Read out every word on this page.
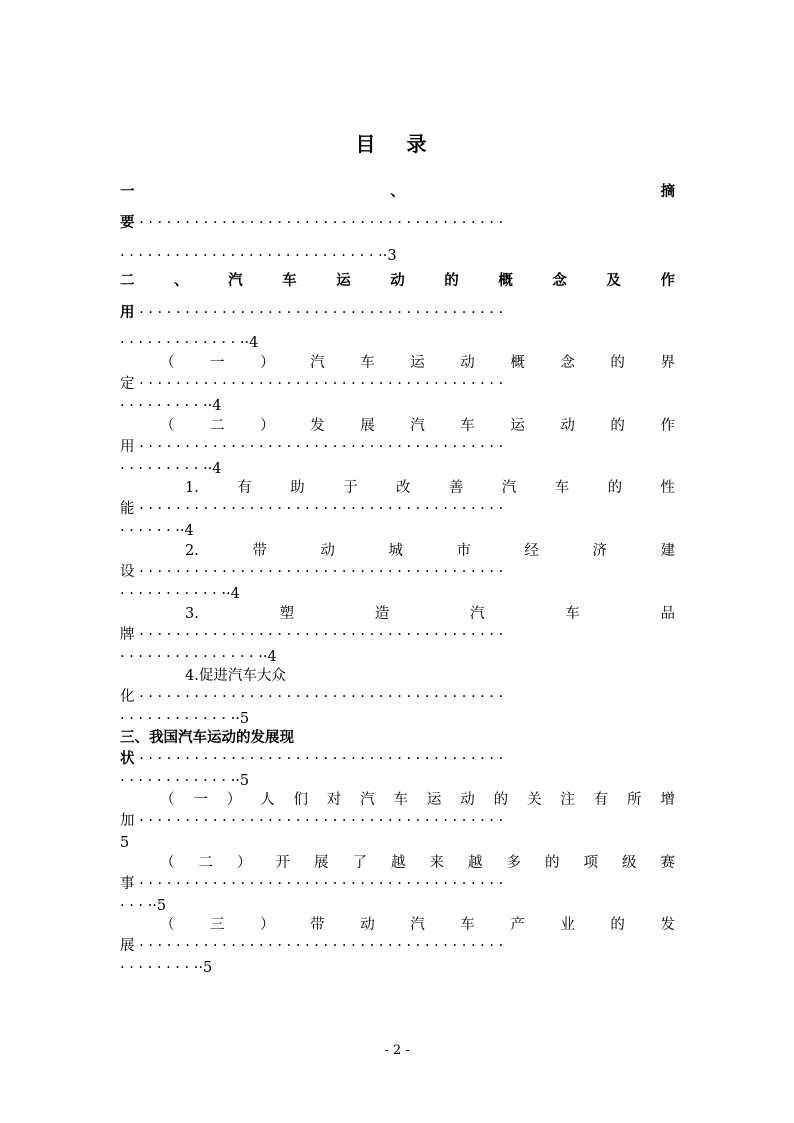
目 录
一	、	摘
要 · · · · · · · · · · · · · · · · · · · · · · · · · · · · · · · · · · · · · · · ·
· · · · · · · · · · · · · · · · · · · · · · · · · · · · ··3
二	、	汽	车	运	动	的	概	念	及	作
用 · · · · · · · · · · · · · · · · · · · · · · · · · · · · · · · · · · · · · · · ·
· · · · · · · · · · · · · ··4
（ 一 ） 汽 车 运 动 概 念 的 界
定 · · · · · · · · · · · · · · · · · · · · · · · · · · · · · · · · · · · · · · · ·
· · · · · · · · · ··4
（ 二 ） 发 展 汽 车 运 动 的 作
用 · · · · · · · · · · · · · · · · · · · · · · · · · · · · · · · · · · · · · · · ·
· · · · · · · · · ··4
1.	有	助	于	改	善	汽	车	的	性
能 · · · · · · · · · · · · · · · · · · · · · · · · · · · · · · · · · · · · · · · ·
· · · · · · ··4
2.	带	动	城	市	经	济	建
设 · · · · · · · · · · · · · · · · · · · · · · · · · · · · · · · · · · · · · · · ·
· · · · · · · · · · · ··4
3.	塑	造	汽	车	品
牌 · · · · · · · · · · · · · · · · · · · · · · · · · · · · · · · · · · · · · · · ·
· · · · · · · · · · · · · · · ··4
4.促进汽车大众
化 · · · · · · · · · · · · · · · · · · · · · · · · · · · · · · · · · · · · · · · ·
· · · · · · · · · · · · ··5
三、我国汽车运动的发展现
状 · · · · · · · · · · · · · · · · · · · · · · · · · · · · · · · · · · · · · · · ·
· · · · · · · · · · · · ··5
（ 一 ） 人 们 对 汽 车 运 动 的 关 注 有 所 增
加 · · · · · · · · · · · · · · · · · · · · · · · · · · · · · · · · · · · · · · · ·
5
（ 二 ） 开 展 了 越 来 越 多 的 项 级 赛
事 · · · · · · · · · · · · · · · · · · · · · · · · · · · · · · · · · · · · · · · ·
· · · ··5
（ 三 ） 带 动 汽 车 产 业 的 发
展 · · · · · · · · · · · · · · · · · · · · · · · · · · · · · · · · · · · · · · · ·
· · · · · · · · ··5
- 2 -
